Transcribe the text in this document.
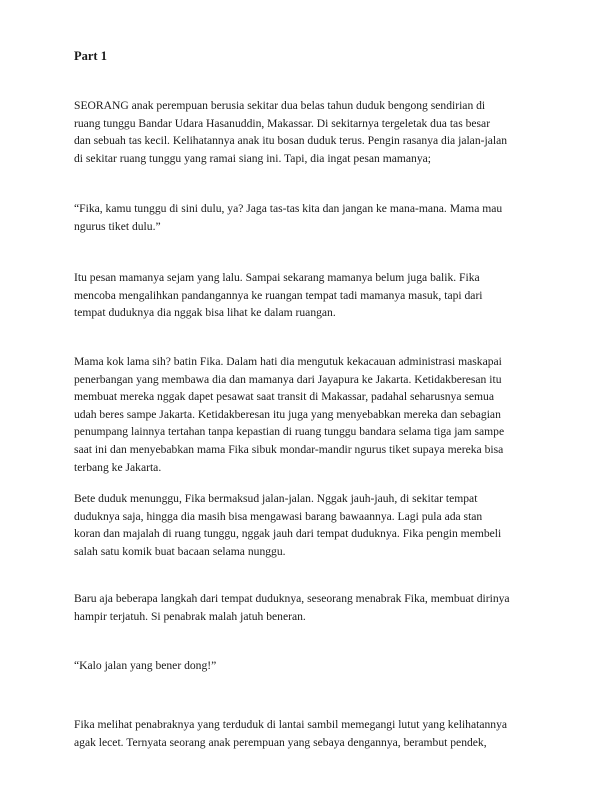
Part 1

SEORANG anak perempuan berusia sekitar dua belas tahun duduk bengong sendirian di
ruang tunggu Bandar Udara Hasanuddin, Makassar. Di sekitarnya tergeletak dua tas besar
dan sebuah tas kecil. Kelihatannya anak itu bosan duduk terus. Pengin rasanya dia jalan-jalan
di sekitar ruang tunggu yang ramai siang ini. Tapi, dia ingat pesan mamanya;

“Fika, kamu tunggu di sini dulu, ya? Jaga tas-tas kita dan jangan ke mana-mana. Mama mau
ngurus tiket dulu.”

Itu pesan mamanya sejam yang lalu. Sampai sekarang mamanya belum juga balik. Fika
mencoba mengalihkan pandangannya ke ruangan tempat tadi mamanya masuk, tapi dari
tempat duduknya dia nggak bisa lihat ke dalam ruangan.

Mama kok lama sih? batin Fika. Dalam hati dia mengutuk kekacauan administrasi maskapai
penerbangan yang membawa dia dan mamanya dari Jayapura ke Jakarta. Ketidakberesan itu
membuat mereka nggak dapet pesawat saat transit di Makassar, padahal seharusnya semua
udah beres sampe Jakarta. Ketidakberesan itu juga yang menyebabkan mereka dan sebagian
penumpang lainnya tertahan tanpa kepastian di ruang tunggu bandara selama tiga jam sampe
saat ini dan menyebabkan mama Fika sibuk mondar-mandir ngurus tiket supaya mereka bisa
terbang ke Jakarta.

Bete duduk menunggu, Fika bermaksud jalan-jalan. Nggak jauh-jauh, di sekitar tempat
duduknya saja, hingga dia masih bisa mengawasi barang bawaannya. Lagi pula ada stan
koran dan majalah di ruang tunggu, nggak jauh dari tempat duduknya. Fika pengin membeli
salah satu komik buat bacaan selama nunggu.

Baru aja beberapa langkah dari tempat duduknya, seseorang menabrak Fika, membuat dirinya
hampir terjatuh. Si penabrak malah jatuh beneran.

“Kalo jalan yang bener dong!”

Fika melihat penabraknya yang terduduk di lantai sambil memegangi lutut yang kelihatannya
agak lecet. Ternyata seorang anak perempuan yang sebaya dengannya, berambut pendek,
